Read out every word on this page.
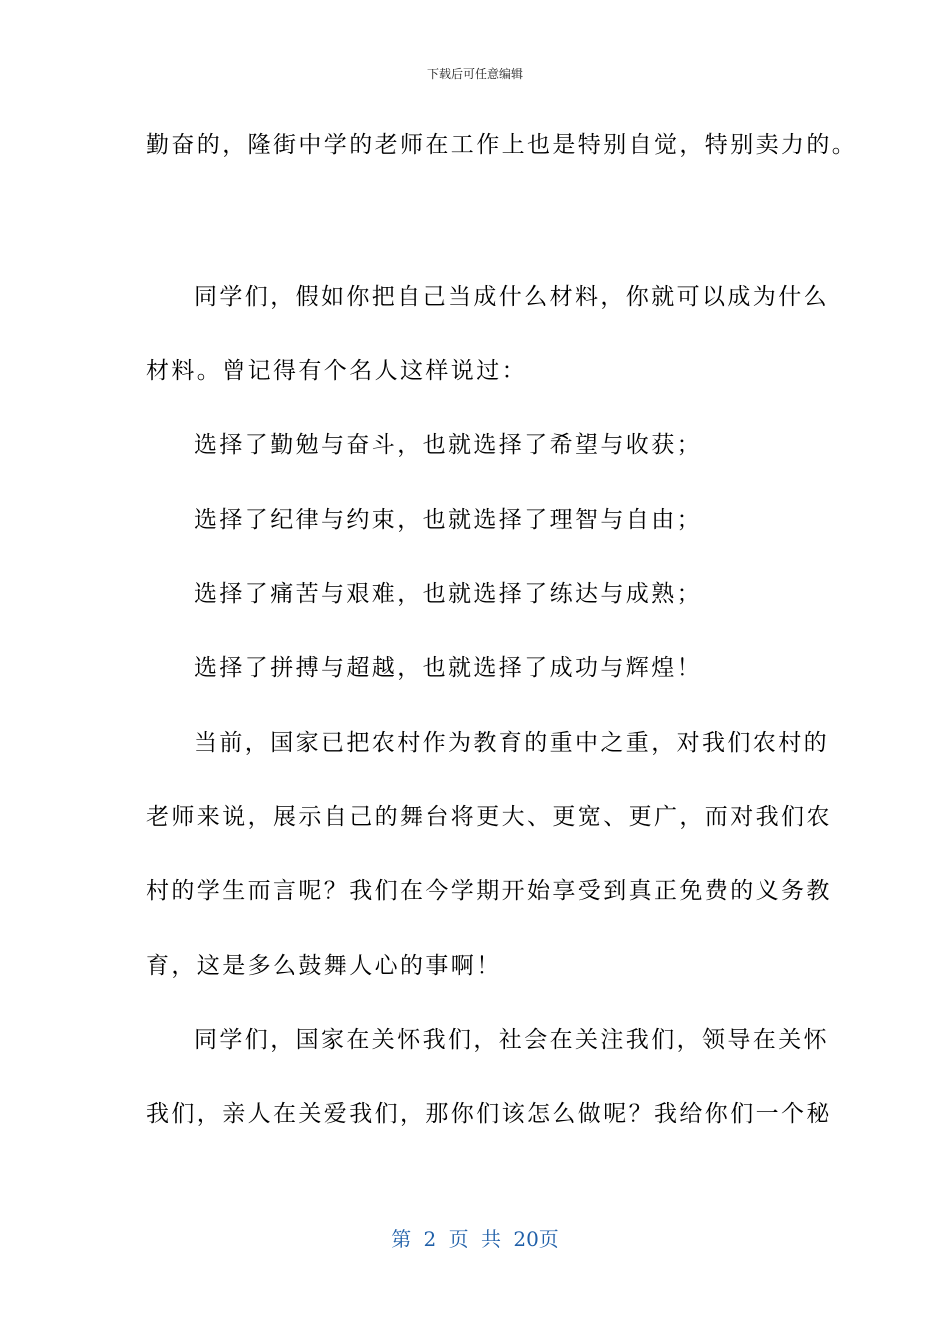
下载后可任意编辑
勤奋的，隆街中学的老师在工作上也是特别自觉，特别卖力的。
同学们，假如你把自己当成什么材料，你就可以成为什么
材料。曾记得有个名人这样说过：
选择了勤勉与奋斗，也就选择了希望与收获；
选择了纪律与约束，也就选择了理智与自由；
选择了痛苦与艰难，也就选择了练达与成熟；
选择了拼搏与超越，也就选择了成功与辉煌！
当前，国家已把农村作为教育的重中之重，对我们农村的
老师来说，展示自己的舞台将更大、更宽、更广，而对我们农
村的学生而言呢？我们在今学期开始享受到真正免费的义务教
育，这是多么鼓舞人心的事啊！
同学们，国家在关怀我们，社会在关注我们，领导在关怀
我们，亲人在关爱我们，那你们该怎么做呢？我给你们一个秘
第 2 页 共 20页
